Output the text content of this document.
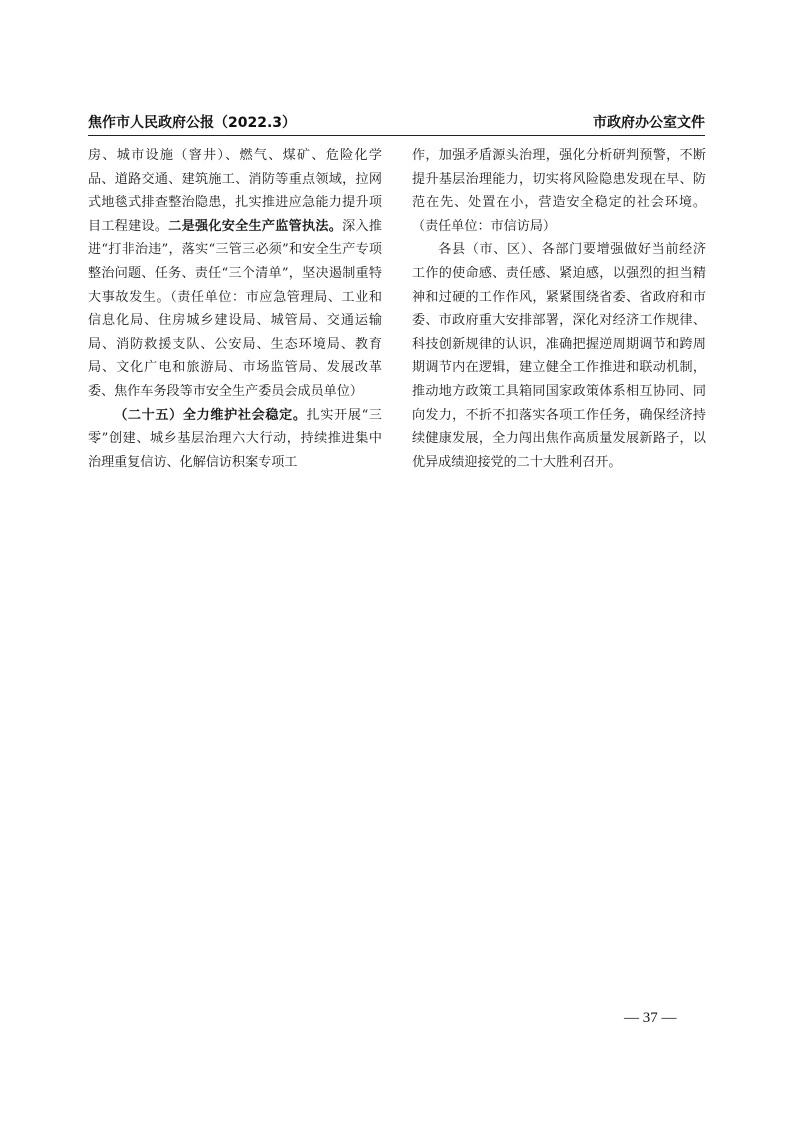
焦作市人民政府公报（2022.3）	市政府办公室文件

房、城市设施（窨井）、燃气、煤矿、危险化学品、道路交通、建筑施工、消防等重点领域，拉网式地毯式排查整治隐患，扎实推进应急能力提升项目工程建设。二是强化安全生产监管执法。深入推进“打非治违”，落实“三管三必须”和安全生产专项整治问题、任务、责任“三个清单”，坚决遏制重特大事故发生。（责任单位：市应急管理局、工业和信息化局、住房城乡建设局、城管局、交通运输局、消防救援支队、公安局、生态环境局、教育局、文化广电和旅游局、市场监管局、发展改革委、焦作车务段等市安全生产委员会成员单位）

（二十五）全力维护社会稳定。扎实开展“三零”创建、城乡基层治理六大行动，持续推进集中治理重复信访、化解信访积案专项工

作，加强矛盾源头治理，强化分析研判预警，不断提升基层治理能力，切实将风险隐患发现在早、防范在先、处置在小，营造安全稳定的社会环境。（责任单位：市信访局）

各县（市、区）、各部门要增强做好当前经济工作的使命感、责任感、紧迫感，以强烈的担当精神和过硬的工作作风，紧紧围绕省委、省政府和市委、市政府重大安排部署，深化对经济工作规律、科技创新规律的认识，准确把握逆周期调节和跨周期调节内在逻辑，建立健全工作推进和联动机制，推动地方政策工具箱同国家政策体系相互协同、同向发力，不折不扣落实各项工作任务，确保经济持续健康发展，全力闯出焦作高质量发展新路子，以优异成绩迎接党的二十大胜利召开。

— 37 —
